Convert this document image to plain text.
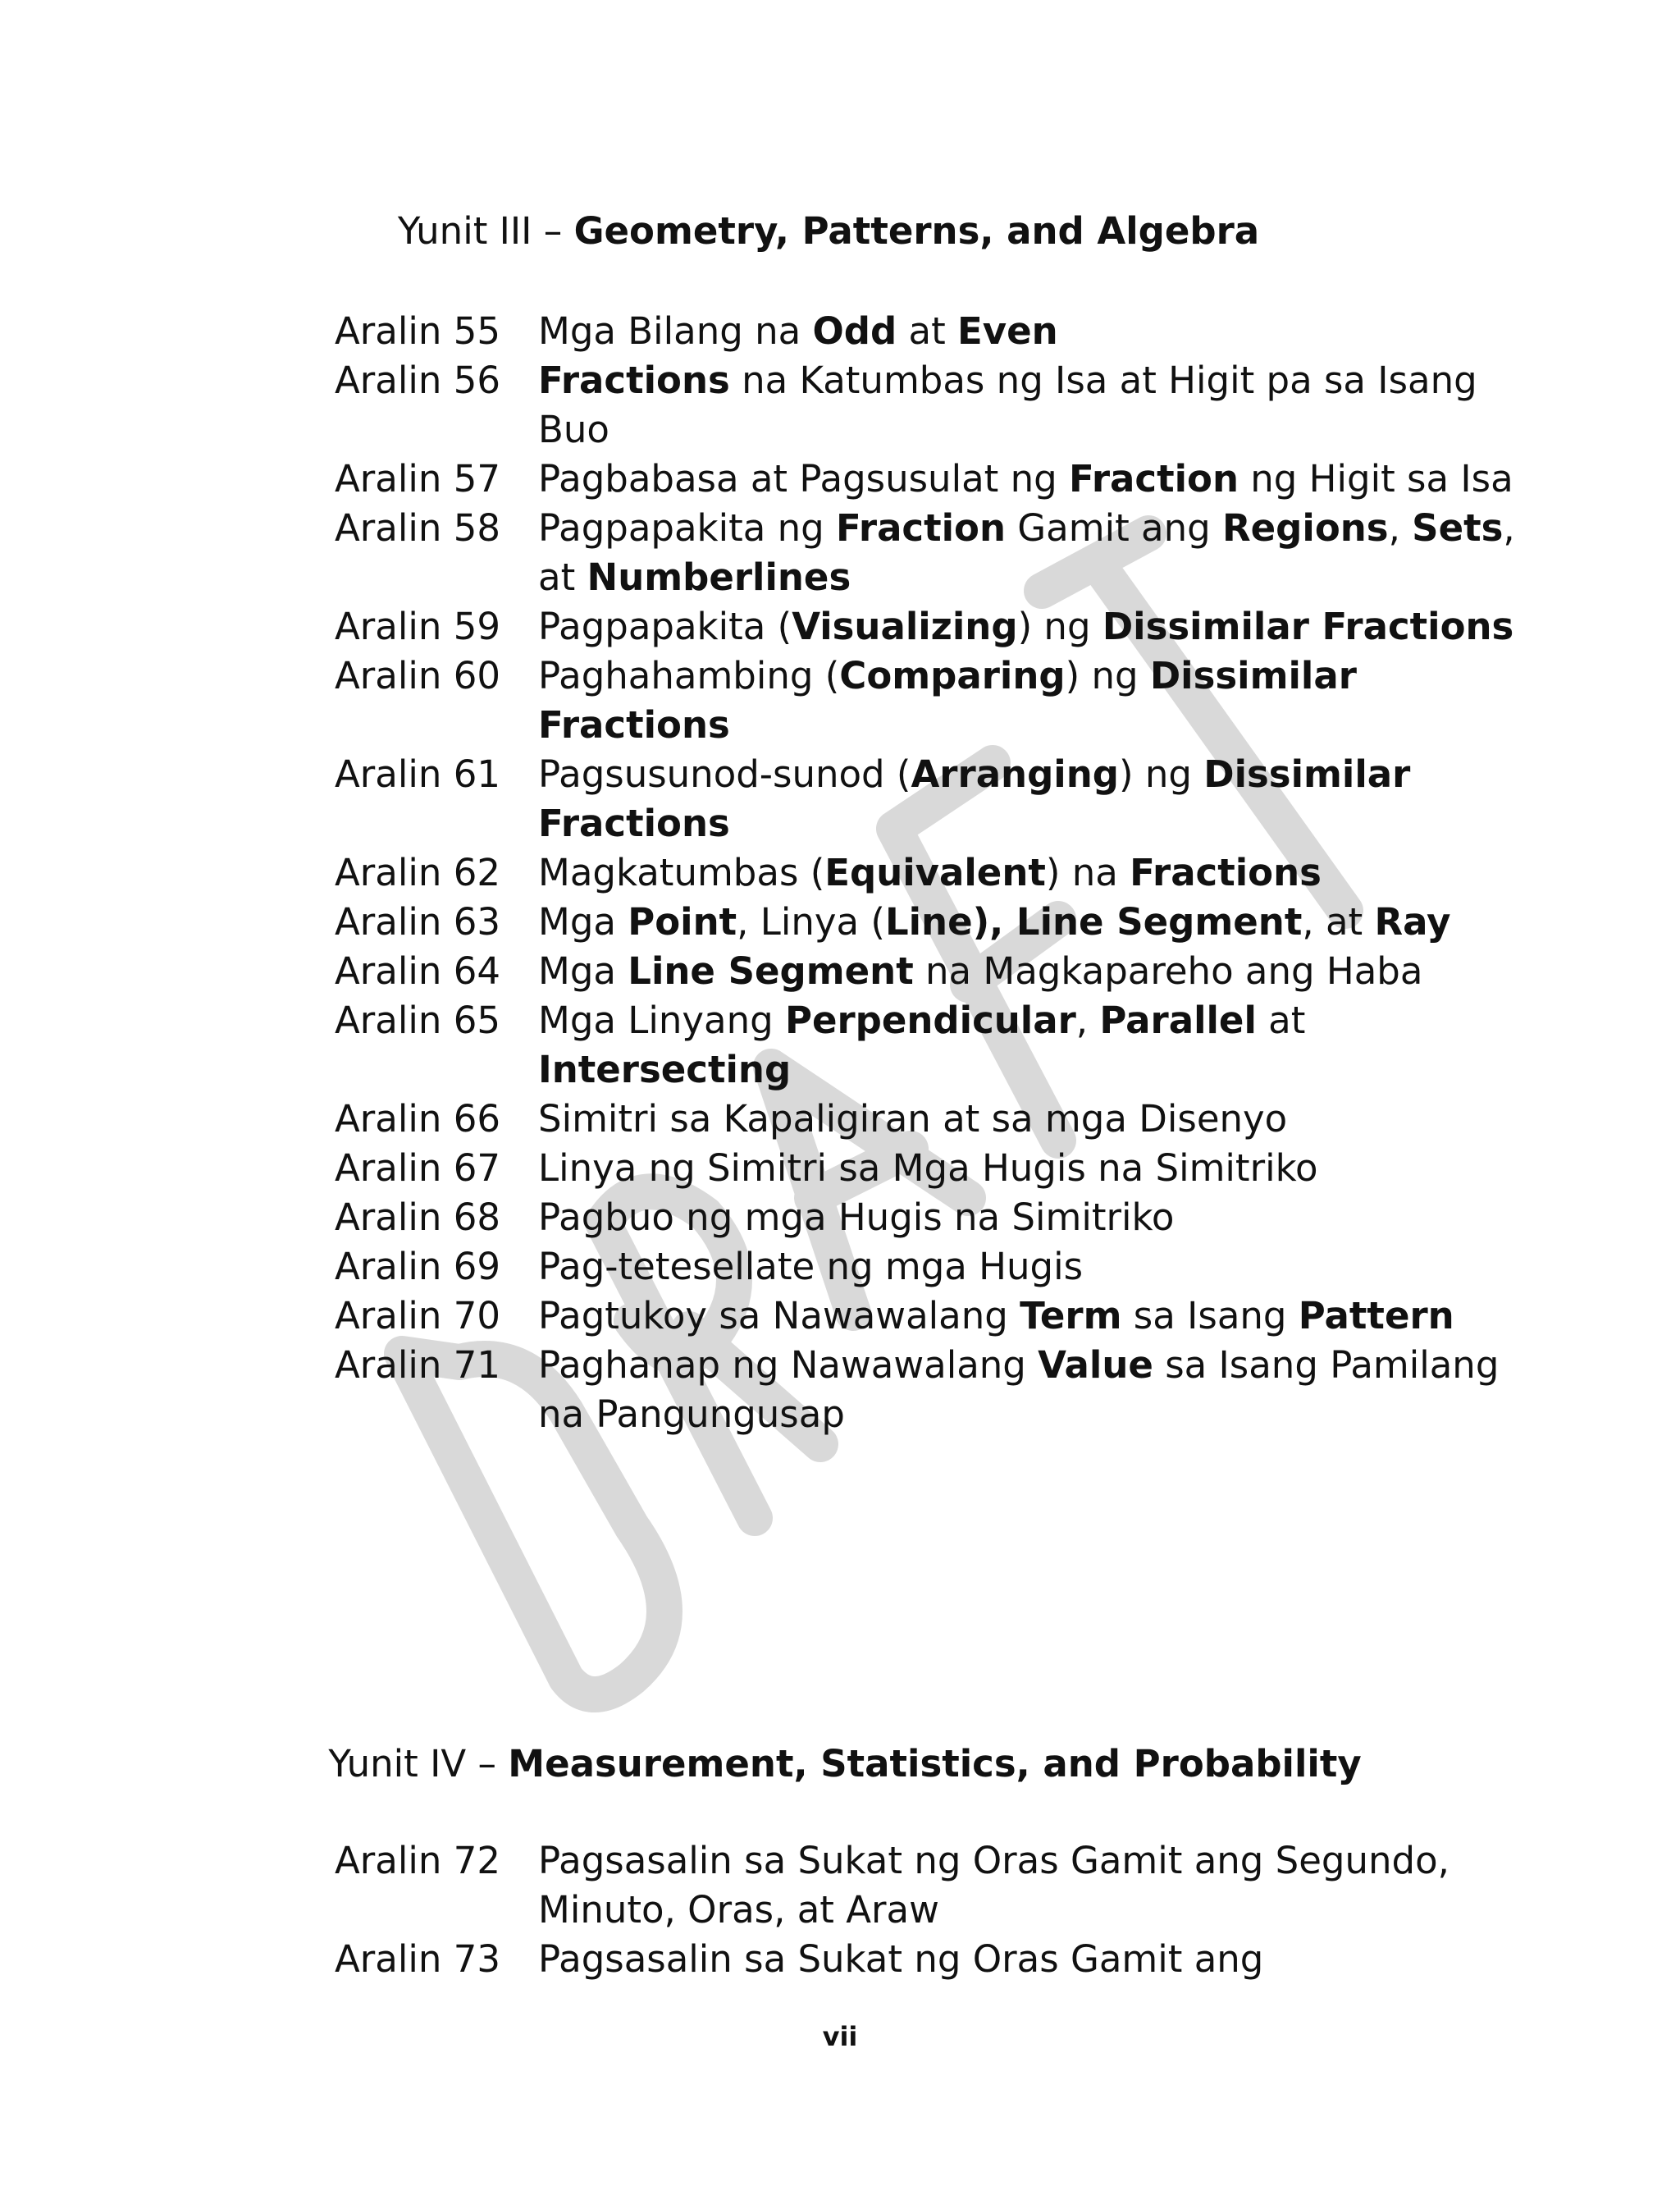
Yunit III – Geometry, Patterns, and Algebra
Aralin 55	Mga Bilang na Odd at Even
Aralin 56	Fractions na Katumbas ng Isa at Higit pa sa Isang Buo
Aralin 57	Pagbabasa at Pagsusulat ng Fraction ng Higit sa Isa
Aralin 58	Pagpapakita ng Fraction Gamit ang Regions, Sets, at Numberlines
Aralin 59	Pagpapakita (Visualizing) ng Dissimilar Fractions
Aralin 60	Paghahambing (Comparing) ng Dissimilar Fractions
Aralin 61	Pagsusunod-sunod (Arranging) ng Dissimilar Fractions
Aralin 62	Magkatumbas (Equivalent) na Fractions
Aralin 63	Mga Point, Linya (Line), Line Segment, at Ray
Aralin 64	Mga Line Segment na Magkapareho ang Haba
Aralin 65	Mga Linyang Perpendicular, Parallel at Intersecting
Aralin 66	Simitri sa Kapaligiran at sa mga Disenyo
Aralin 67	Linya ng Simitri sa Mga Hugis na Simitriko
Aralin 68	Pagbuo ng mga Hugis na Simitriko
Aralin 69	Pag-tetesellate ng mga Hugis
Aralin 70	Pagtukoy sa Nawawalang Term sa Isang Pattern
Aralin 71	Paghanap ng Nawawalang Value sa Isang Pamilang na Pangungusap
Yunit IV – Measurement, Statistics, and Probability
Aralin 72	Pagsasalin sa Sukat ng Oras Gamit ang Segundo, Minuto, Oras, at Araw
Aralin 73	Pagsasalin sa Sukat ng Oras Gamit ang
vii
